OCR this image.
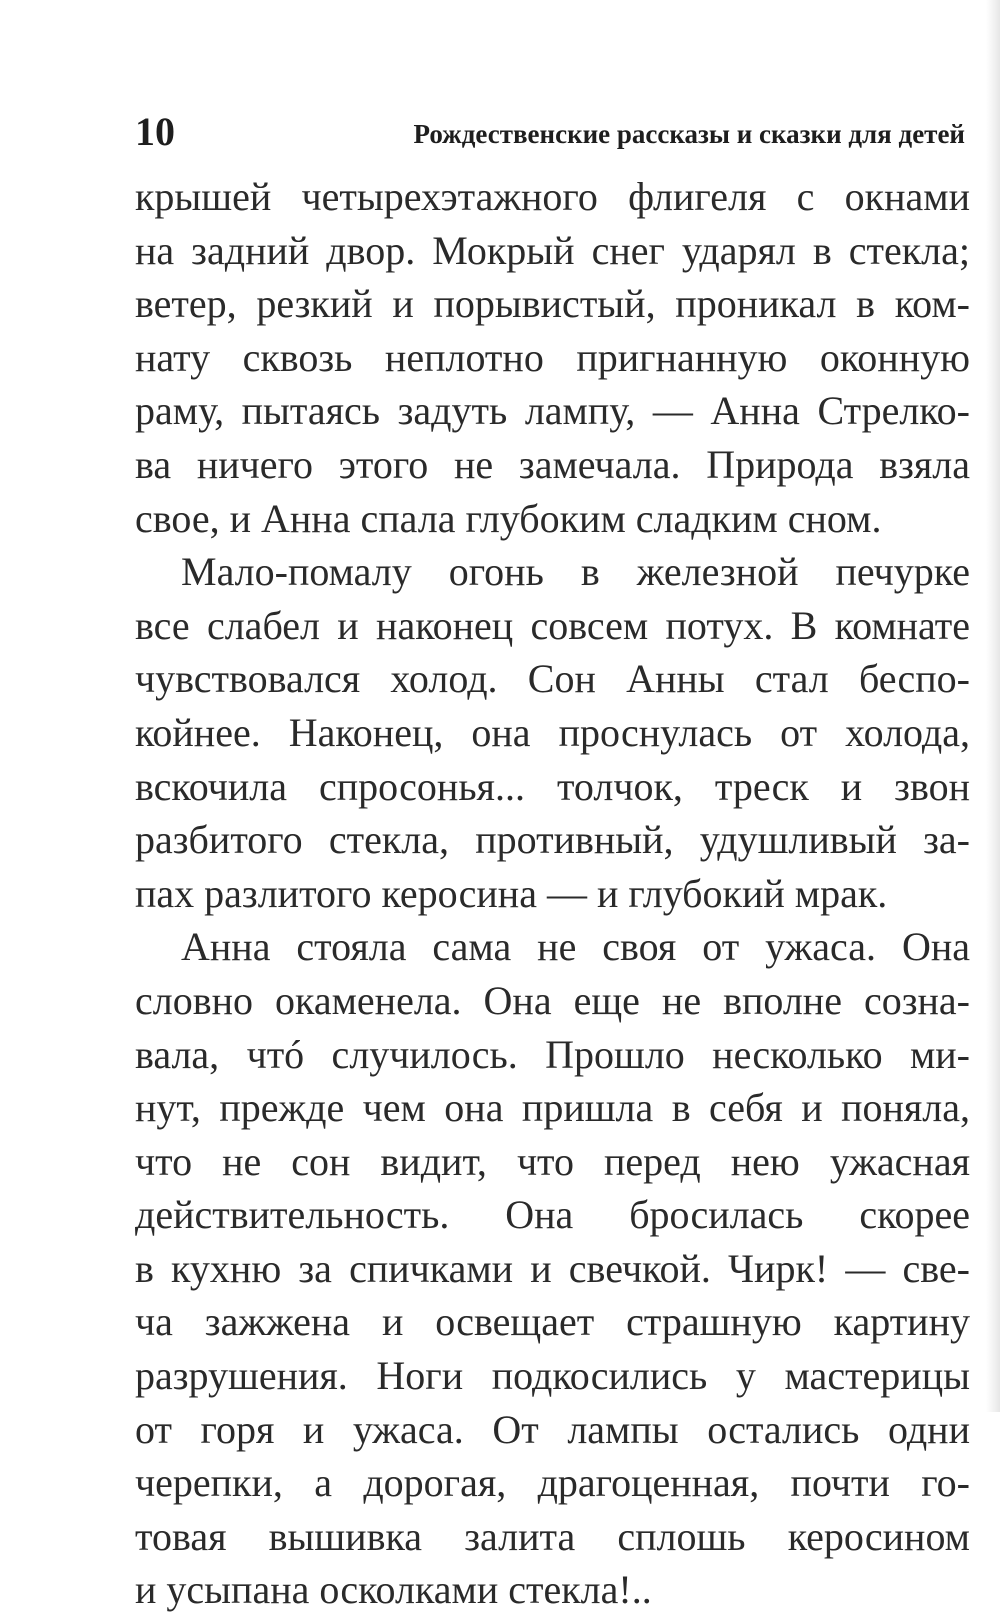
10	Рождественские рассказы и сказки для детей
крышей четырехэтажного флигеля с окнами
на задний двор. Мокрый снег ударял в стекла;
ветер, резкий и порывистый, проникал в ком-
нату сквозь неплотно пригнанную оконную
раму, пытаясь задуть лампу, — Анна Стрелко-
ва ничего этого не замечала. Природа взяла
свое, и Анна спала глубоким сладким сном.
Мало-помалу огонь в железной печурке
все слабел и наконец совсем потух. В комнате
чувствовался холод. Сон Анны стал беспо-
койнее. Наконец, она проснулась от холода,
вскочила спросонья... толчок, треск и звон
разбитого стекла, противный, удушливый за-
пах разлитого керосина — и глубокий мрак.
Анна стояла сама не своя от ужаса. Она
словно окаменела. Она еще не вполне созна-
вала, чтó случилось. Прошло несколько ми-
нут, прежде чем она пришла в себя и поняла,
что не сон видит, что перед нею ужасная
действительность. Она бросилась скорее
в кухню за спичками и свечкой. Чирк! — све-
ча зажжена и освещает страшную картину
разрушения. Ноги подкосились у мастерицы
от горя и ужаса. От лампы остались одни
черепки, а дорогая, драгоценная, почти го-
товая вышивка залита сплошь керосином
и усыпана осколками стекла!..
